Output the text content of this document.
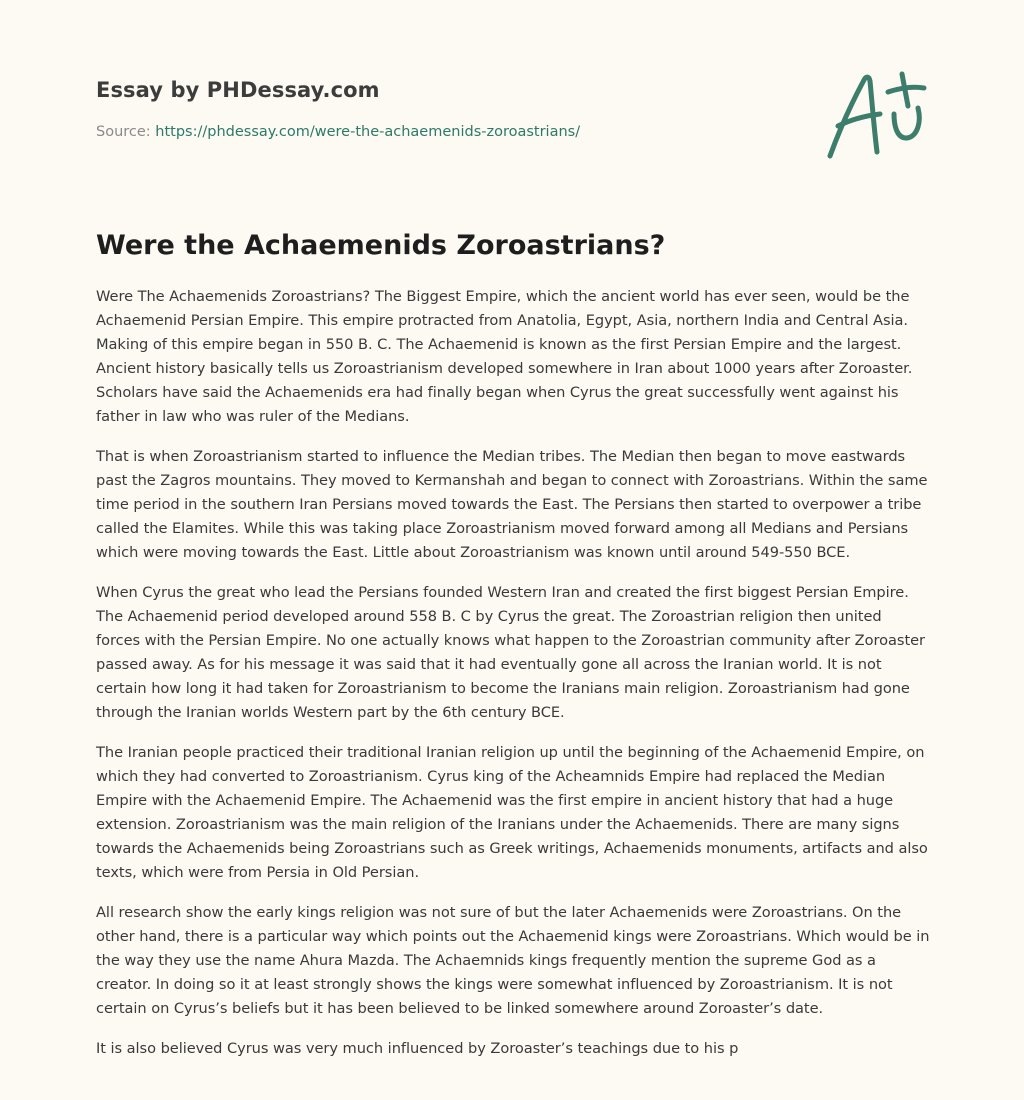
Essay by PHDessay.com
Source: https://phdessay.com/were-the-achaemenids-zoroastrians/
Were the Achaemenids Zoroastrians?

Were The Achaemenids Zoroastrians? The Biggest Empire, which the ancient world has ever seen, would be the Achaemenid Persian Empire. This empire protracted from Anatolia, Egypt, Asia, northern India and Central Asia. Making of this empire began in 550 B. C. The Achaemenid is known as the first Persian Empire and the largest. Ancient history basically tells us Zoroastrianism developed somewhere in Iran about 1000 years after Zoroaster. Scholars have said the Achaemenids era had finally began when Cyrus the great successfully went against his father in law who was ruler of the Medians.

That is when Zoroastrianism started to influence the Median tribes. The Median then began to move eastwards past the Zagros mountains. They moved to Kermanshah and began to connect with Zoroastrians. Within the same time period in the southern Iran Persians moved towards the East. The Persians then started to overpower a tribe called the Elamites. While this was taking place Zoroastrianism moved forward among all Medians and Persians which were moving towards the East. Little about Zoroastrianism was known until around 549-550 BCE.

When Cyrus the great who lead the Persians founded Western Iran and created the first biggest Persian Empire. The Achaemenid period developed around 558 B. C by Cyrus the great. The Zoroastrian religion then united forces with the Persian Empire. No one actually knows what happen to the Zoroastrian community after Zoroaster passed away. As for his message it was said that it had eventually gone all across the Iranian world. It is not certain how long it had taken for Zoroastrianism to become the Iranians main religion. Zoroastrianism had gone through the Iranian worlds Western part by the 6th century BCE.

The Iranian people practiced their traditional Iranian religion up until the beginning of the Achaemenid Empire, on which they had converted to Zoroastrianism. Cyrus king of the Acheamnids Empire had replaced the Median Empire with the Achaemenid Empire. The Achaemenid was the first empire in ancient history that had a huge extension. Zoroastrianism was the main religion of the Iranians under the Achaemenids. There are many signs towards the Achaemenids being Zoroastrians such as Greek writings, Achaemenids monuments, artifacts and also texts, which were from Persia in Old Persian.

All research show the early kings religion was not sure of but the later Achaemenids were Zoroastrians. On the other hand, there is a particular way which points out the Achaemenid kings were Zoroastrians. Which would be in the way they use the name Ahura Mazda. The Achaemnids kings frequently mention the supreme God as a creator. In doing so it at least strongly shows the kings were somewhat influenced by Zoroastrianism. It is not certain on Cyrus’s beliefs but it has been believed to be linked somewhere around Zoroaster’s date.

It is also believed Cyrus was very much influenced by Zoroaster’s teachings due to his p
